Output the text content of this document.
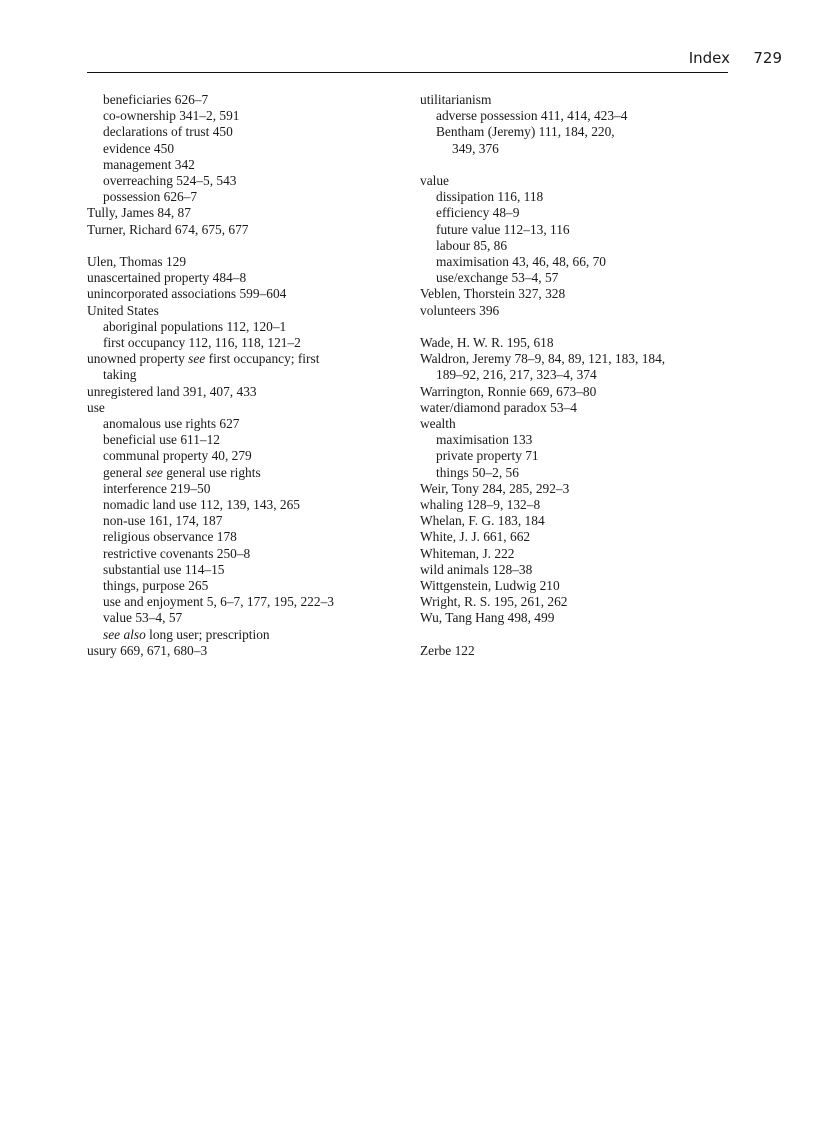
Index 729
beneficiaries 626–7
co-ownership 341–2, 591
declarations of trust 450
evidence 450
management 342
overreaching 524–5, 543
possession 626–7
Tully, James 84, 87
Turner, Richard 674, 675, 677
Ulen, Thomas 129
unascertained property 484–8
unincorporated associations 599–604
United States
aboriginal populations 112, 120–1
first occupancy 112, 116, 118, 121–2
unowned property see first occupancy; first
taking
unregistered land 391, 407, 433
use
anomalous use rights 627
beneficial use 611–12
communal property 40, 279
general see general use rights
interference 219–50
nomadic land use 112, 139, 143, 265
non-use 161, 174, 187
religious observance 178
restrictive covenants 250–8
substantial use 114–15
things, purpose 265
use and enjoyment 5, 6–7, 177, 195, 222–3
value 53–4, 57
see also long user; prescription
usury 669, 671, 680–3
utilitarianism
adverse possession 411, 414, 423–4
Bentham (Jeremy) 111, 184, 220,
349, 376
value
dissipation 116, 118
efficiency 48–9
future value 112–13, 116
labour 85, 86
maximisation 43, 46, 48, 66, 70
use/exchange 53–4, 57
Veblen, Thorstein 327, 328
volunteers 396
Wade, H. W. R. 195, 618
Waldron, Jeremy 78–9, 84, 89, 121, 183, 184,
189–92, 216, 217, 323–4, 374
Warrington, Ronnie 669, 673–80
water/diamond paradox 53–4
wealth
maximisation 133
private property 71
things 50–2, 56
Weir, Tony 284, 285, 292–3
whaling 128–9, 132–8
Whelan, F. G. 183, 184
White, J. J. 661, 662
Whiteman, J. 222
wild animals 128–38
Wittgenstein, Ludwig 210
Wright, R. S. 195, 261, 262
Wu, Tang Hang 498, 499
Zerbe 122
